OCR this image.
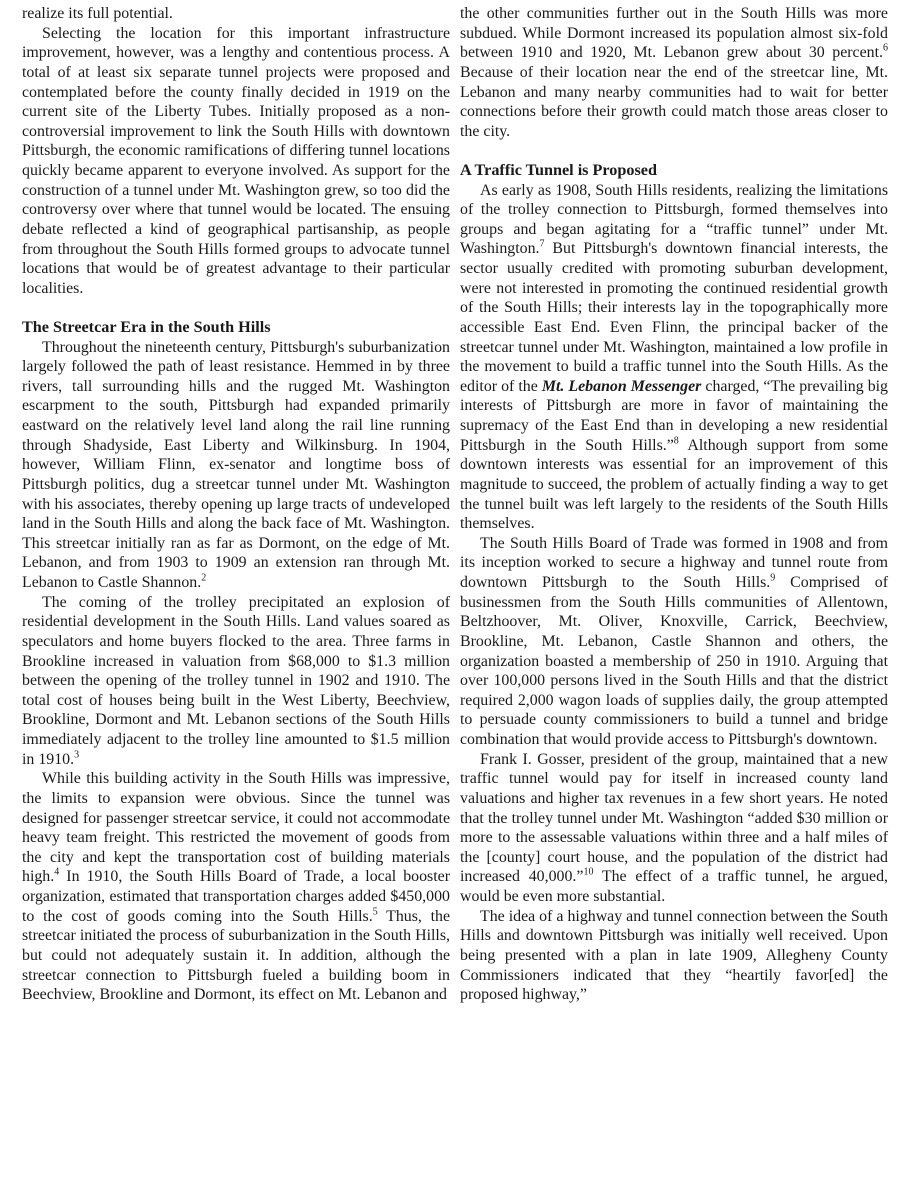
realize its full potential.

Selecting the location for this important infrastructure improvement, however, was a lengthy and contentious process. A total of at least six separate tunnel projects were proposed and contemplated before the county finally decided in 1919 on the current site of the Liberty Tubes. Initially proposed as a non-controversial improvement to link the South Hills with downtown Pittsburgh, the economic ramifications of differing tunnel locations quickly became apparent to everyone involved. As support for the construction of a tunnel under Mt. Washington grew, so too did the controversy over where that tunnel would be located. The ensuing debate reflected a kind of geographical partisanship, as people from throughout the South Hills formed groups to advocate tunnel locations that would be of greatest advantage to their particular localities.

The Streetcar Era in the South Hills

Throughout the nineteenth century, Pittsburgh's suburbanization largely followed the path of least resistance. Hemmed in by three rivers, tall surrounding hills and the rugged Mt. Washington escarpment to the south, Pittsburgh had expanded primarily eastward on the relatively level land along the rail line running through Shadyside, East Liberty and Wilkinsburg. In 1904, however, William Flinn, ex-senator and longtime boss of Pittsburgh politics, dug a streetcar tunnel under Mt. Washington with his associates, thereby opening up large tracts of undeveloped land in the South Hills and along the back face of Mt. Washington. This streetcar initially ran as far as Dormont, on the edge of Mt. Lebanon, and from 1903 to 1909 an extension ran through Mt. Lebanon to Castle Shannon.$^2$

The coming of the trolley precipitated an explosion of residential development in the South Hills. Land values soared as speculators and home buyers flocked to the area. Three farms in Brookline increased in valuation from $68,000 to $1.3 million between the opening of the trolley tunnel in 1902 and 1910. The total cost of houses being built in the West Liberty, Beechview, Brookline, Dormont and Mt. Lebanon sections of the South Hills immediately adjacent to the trolley line amounted to $1.5 million in 1910.$^3$

While this building activity in the South Hills was impressive, the limits to expansion were obvious. Since the tunnel was designed for passenger streetcar service, it could not accommodate heavy team freight. This restricted the movement of goods from the city and kept the transportation cost of building materials high.$^4$ In 1910, the South Hills Board of Trade, a local booster organization, estimated that transportation charges added $450,000 to the cost of goods coming into the South Hills.$^5$ Thus, the streetcar initiated the process of suburbanization in the South Hills, but could not adequately sustain it. In addition, although the streetcar connection to Pittsburgh fueled a building boom in Beechview, Brookline and Dormont, its effect on Mt. Lebanon and

the other communities further out in the South Hills was more subdued. While Dormont increased its population almost six-fold between 1910 and 1920, Mt. Lebanon grew about 30 percent.$^6$ Because of their location near the end of the streetcar line, Mt. Lebanon and many nearby communities had to wait for better connections before their growth could match those areas closer to the city.

A Traffic Tunnel is Proposed

As early as 1908, South Hills residents, realizing the limitations of the trolley connection to Pittsburgh, formed themselves into groups and began agitating for a “traffic tunnel” under Mt. Washington.$^7$ But Pittsburgh's downtown financial interests, the sector usually credited with promoting suburban development, were not interested in promoting the continued residential growth of the South Hills; their interests lay in the topographically more accessible East End. Even Flinn, the principal backer of the streetcar tunnel under Mt. Washington, maintained a low profile in the movement to build a traffic tunnel into the South Hills. As the editor of the Mt. Lebanon Messenger charged, “The prevailing big interests of Pittsburgh are more in favor of maintaining the supremacy of the East End than in developing a new residential Pittsburgh in the South Hills.”$^8$ Although support from some downtown interests was essential for an improvement of this magnitude to succeed, the problem of actually finding a way to get the tunnel built was left largely to the residents of the South Hills themselves.

The South Hills Board of Trade was formed in 1908 and from its inception worked to secure a highway and tunnel route from downtown Pittsburgh to the South Hills.$^9$ Comprised of businessmen from the South Hills communities of Allentown, Beltzhoover, Mt. Oliver, Knoxville, Carrick, Beechview, Brookline, Mt. Lebanon, Castle Shannon and others, the organization boasted a membership of 250 in 1910. Arguing that over 100,000 persons lived in the South Hills and that the district required 2,000 wagon loads of supplies daily, the group attempted to persuade county commissioners to build a tunnel and bridge combination that would provide access to Pittsburgh's downtown.

Frank I. Gosser, president of the group, maintained that a new traffic tunnel would pay for itself in increased county land valuations and higher tax revenues in a few short years. He noted that the trolley tunnel under Mt. Washington “added $30 million or more to the assessable valuations within three and a half miles of the [county] court house, and the population of the district had increased 40,000.”$^{10}$ The effect of a traffic tunnel, he argued, would be even more substantial.

The idea of a highway and tunnel connection between the South Hills and downtown Pittsburgh was initially well received. Upon being presented with a plan in late 1909, Allegheny County Commissioners indicated that they “heartily favor[ed] the proposed highway,”
